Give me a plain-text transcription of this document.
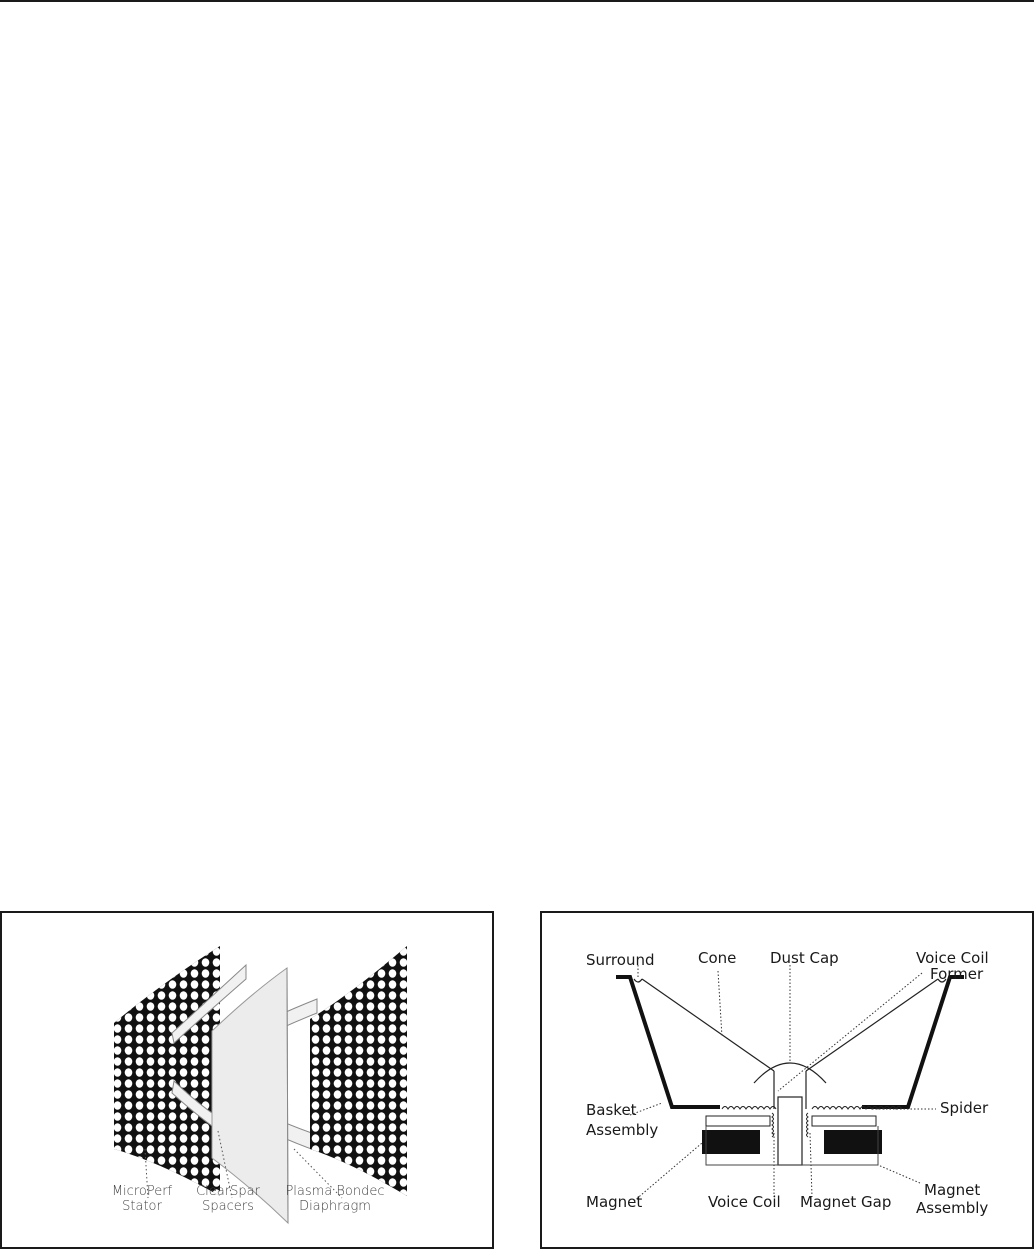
MicroPerf
Stator
ClearSpar
Spacers
Plasma Bondec
Diaphragm
Surround	Cone Dust Cap	Voice Coil
Former
Basket
Assembly
Spider
Magnet	Voice Coil Magnet Gap
Magnet
Assembly
